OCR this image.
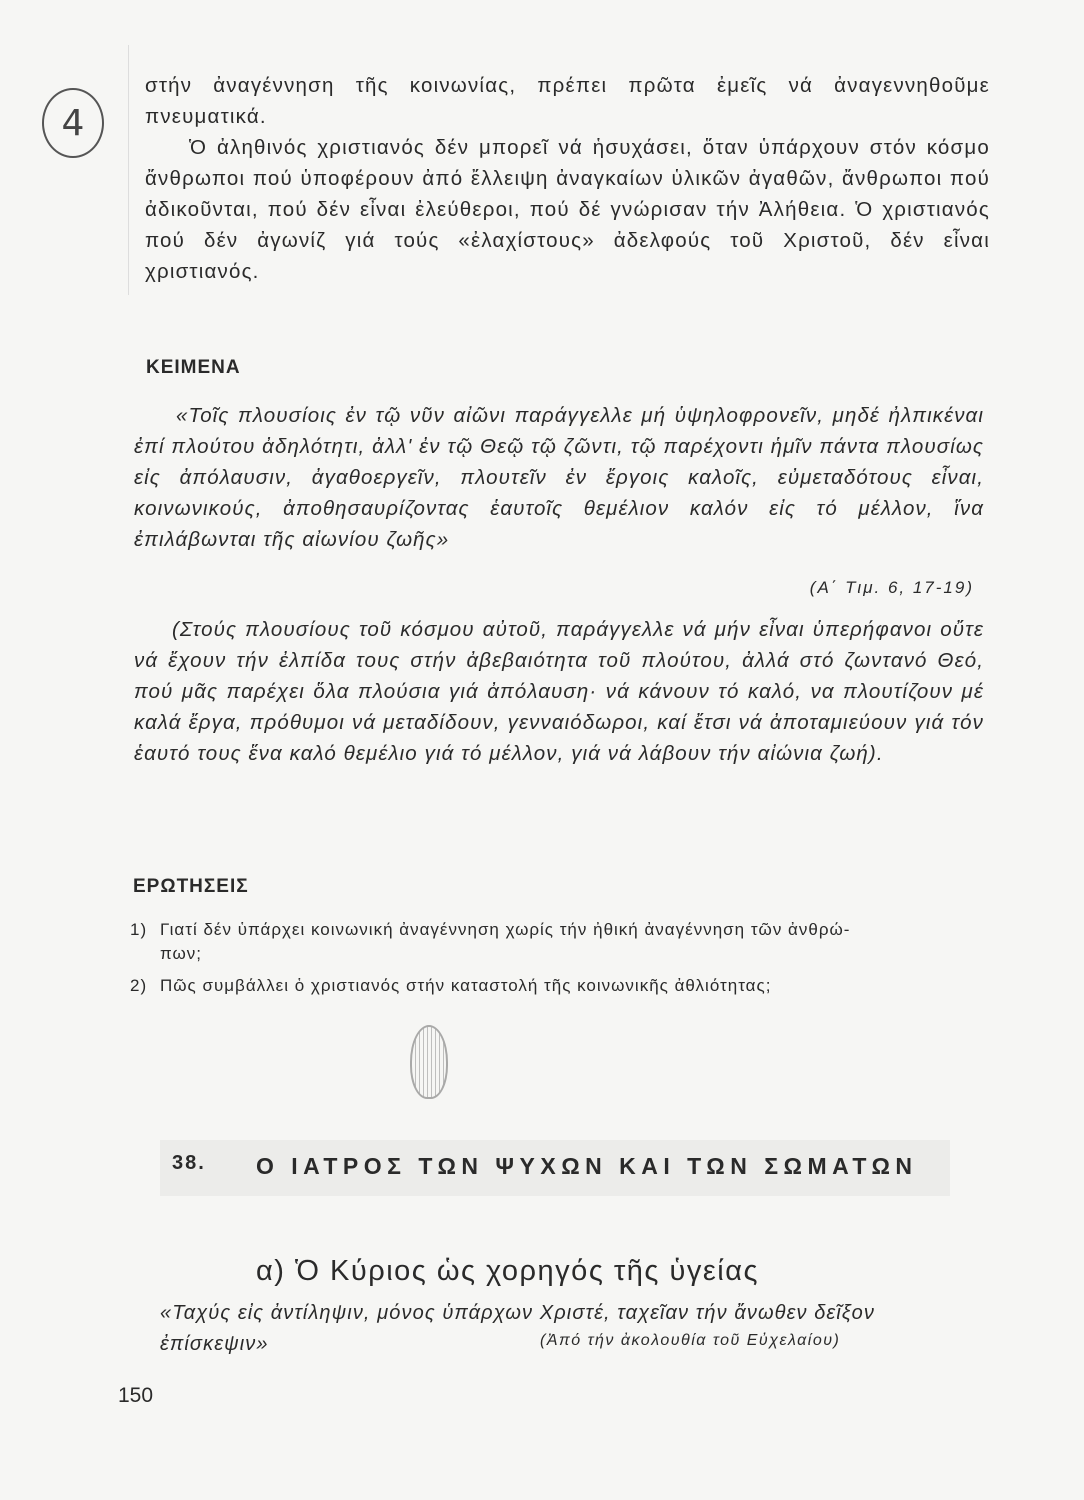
4

στήν ἀναγέννηση τῆς κοινωνίας, πρέπει πρῶτα ἐμεῖς νά ἀναγεννηθοῦμε πνευματικά.

Ὁ ἀληθινός χριστιανός δέν μπορεῖ νά ἡσυχάσει, ὅταν ὑπάρχουν στόν κόσμο ἄνθρωποι πού ὑποφέρουν ἀπό ἔλλειψη ἀναγκαίων ὑλικῶν ἀγαθῶν, ἄνθρωποι πού ἀδικοῦνται, πού δέν εἶναι ἐλεύθεροι, πού δέ γνώρισαν τήν Ἀλήθεια. Ὁ χριστιανός πού δέν ἀγωνίζ γιά τούς «ἐλαχίστους» ἀδελφούς τοῦ Χριστοῦ, δέν εἶναι χριστιανός.

ΚΕΙΜΕΝΑ

«Τοῖς πλουσίοις ἐν τῷ νῦν αἰῶνι παράγγελλε μή ὑψηλοφρονεῖν, μηδέ ἠλπικέναι ἐπί πλούτου ἀδηλότητι, ἀλλ' ἐν τῷ Θεῷ τῷ ζῶντι, τῷ παρέχοντι ἡμῖν πάντα πλουσίως εἰς ἀπόλαυσιν, ἀγαθοεργεῖν, πλουτεῖν ἐν ἔργοις καλοῖς, εὐμεταδότους εἶναι, κοινωνικούς, ἀποθησαυρίζοντας ἑαυτοῖς θεμέλιον καλόν εἰς τό μέλλον, ἵνα ἐπιλάβωνται τῆς αἰωνίου ζωῆς»

(Α΄ Τιμ. 6, 17-19)

(Στούς πλουσίους τοῦ κόσμου αὐτοῦ, παράγγελλε νά μήν εἶναι ὑπερήφανοι οὔτε νά ἔχουν τήν ἐλπίδα τους στήν ἀβεβαιότητα τοῦ πλούτου, ἀλλά στό ζωντανό Θεό, πού μᾶς παρέχει ὅλα πλούσια γιά ἀπόλαυση· νά κάνουν τό καλό, να πλουτίζουν μέ καλά ἔργα, πρόθυμοι νά μεταδίδουν, γενναιόδωροι, καί ἔτσι νά ἀποταμιεύουν γιά τόν ἑαυτό τους ἕνα καλό θεμέλιο γιά τό μέλλον, γιά νά λάβουν τήν αἰώνια ζωή).

ΕΡΩΤΗΣΕΙΣ
1) Γιατί δέν ὑπάρχει κοινωνική ἀναγέννηση χωρίς τήν ἠθική ἀναγέννηση τῶν ἀνθρώ-
πων;
2) Πῶς συμβάλλει ὁ χριστιανός στήν καταστολή τῆς κοινωνικῆς ἀθλιότητας;
38. Ο ΙΑΤΡΟΣ ΤΩΝ ΨΥΧΩΝ ΚΑΙ ΤΩΝ ΣΩΜΑΤΩΝ
α) Ὁ Κύριος ὡς χορηγός τῆς ὑγείας

«Ταχύς εἰς ἀντίληψιν, μόνος ὑπάρχων Χριστέ, ταχεῖαν τήν ἄνωθεν δεῖξον ἐπίσκεψιν»	(Ἀπό τήν ἀκολουθία τοῦ Εὐχελαίου)

150
